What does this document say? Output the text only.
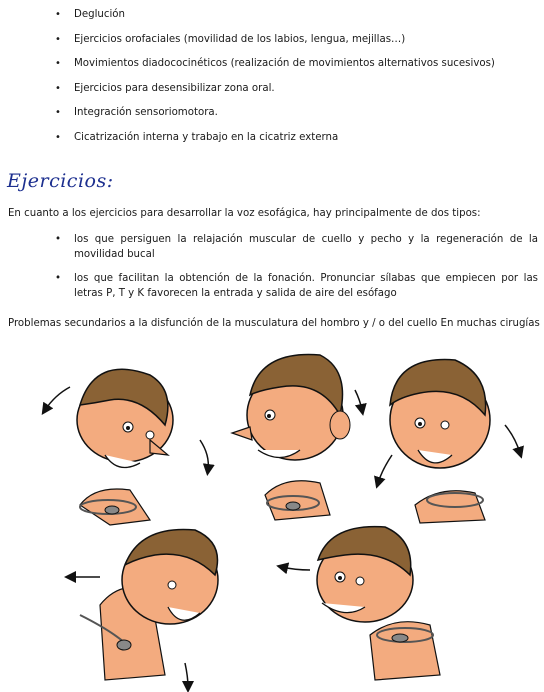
• Deglución
• Ejercicios orofaciales (movilidad de los labios, lengua, mejillas…)
• Movimientos diadococinéticos (realización de movimientos alternativos sucesivos)
• Ejercicios para desensibilizar zona oral.
• Integración sensoriomotora.
• Cicatrización interna y trabajo en la cicatriz externa
Ejercicios:

En cuanto a los ejercicios para desarrollar la voz esofágica, hay principalmente de dos tipos:

• los que persiguen la relajación muscular de cuello y pecho y la regeneración de la movilidad bucal
• los que facilitan la obtención de la fonación. Pronunciar sílabas que empiecen por las letras P, T y K favorecen la entrada y salida de aire del esófago

Problemas secundarios a la disfunción de la musculatura del hombro y / o del cuello En muchas cirugías
